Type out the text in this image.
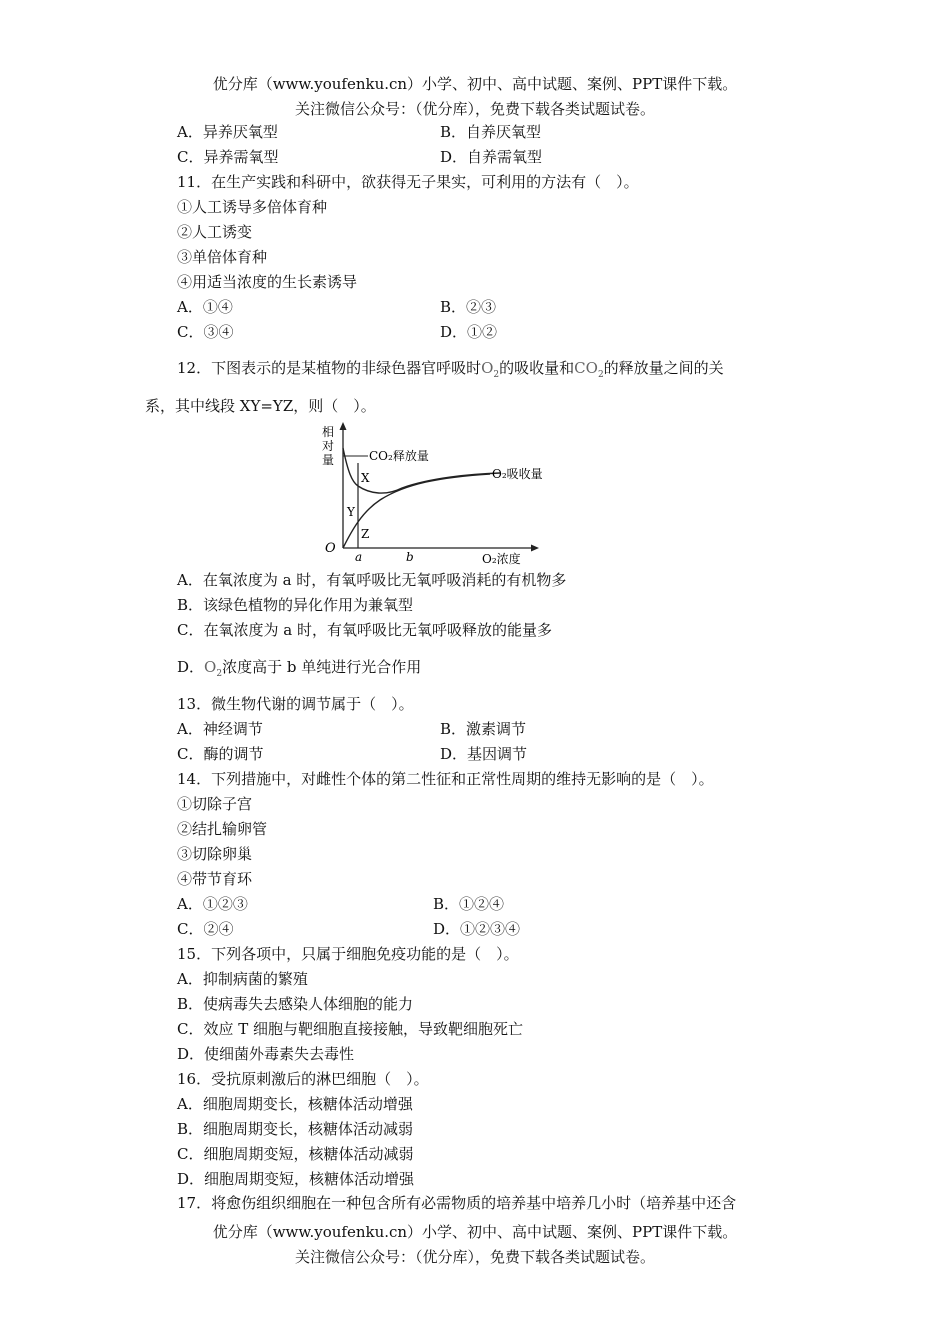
优分库（www.youfenku.cn）小学、初中、高中试题、案例、PPT课件下载。
关注微信公众号：（优分库），免费下载各类试题试卷。
A．异养厌氧型	B．自养厌氧型
C．异养需氧型	D．自养需氧型
11．在生产实践和科研中，欲获得无子果实，可利用的方法有（　）。
①人工诱导多倍体育种
②人工诱变
③单倍体育种
④用适当浓度的生长素诱导
A．①④	B．②③
C．③④	D．①②
12．下图表示的是某植物的非绿色器官呼吸时$O_2$的吸收量和$CO_2$的释放量之间的关
系，其中线段 XY=YZ，则（　）。
相
对
量
O
CO₂释放量
O₂吸收量
X
Y
Z
a	b	O₂浓度
A．在氧浓度为 a 时，有氧呼吸比无氧呼吸消耗的有机物多
B．该绿色植物的异化作用为兼氧型
C．在氧浓度为 a 时，有氧呼吸比无氧呼吸释放的能量多
D．$O_2$浓度高于 b 单纯进行光合作用
13．微生物代谢的调节属于（　）。
A．神经调节	B．激素调节
C．酶的调节	D．基因调节
14．下列措施中，对雌性个体的第二性征和正常性周期的维持无影响的是（　）。
①切除子宫
②结扎输卵管
③切除卵巢
④带节育环
A．①②③	B．①②④
C．②④	D．①②③④
15．下列各项中，只属于细胞免疫功能的是（　）。
A．抑制病菌的繁殖
B．使病毒失去感染人体细胞的能力
C．效应 T 细胞与靶细胞直接接触，导致靶细胞死亡
D．使细菌外毒素失去毒性
16．受抗原刺激后的淋巴细胞（　）。
A．细胞周期变长，核糖体活动增强
B．细胞周期变长，核糖体活动减弱
C．细胞周期变短，核糖体活动减弱
D．细胞周期变短，核糖体活动增强
17．将愈伤组织细胞在一种包含所有必需物质的培养基中培养几小时（培养基中还含
优分库（www.youfenku.cn）小学、初中、高中试题、案例、PPT课件下载。
关注微信公众号：（优分库），免费下载各类试题试卷。
